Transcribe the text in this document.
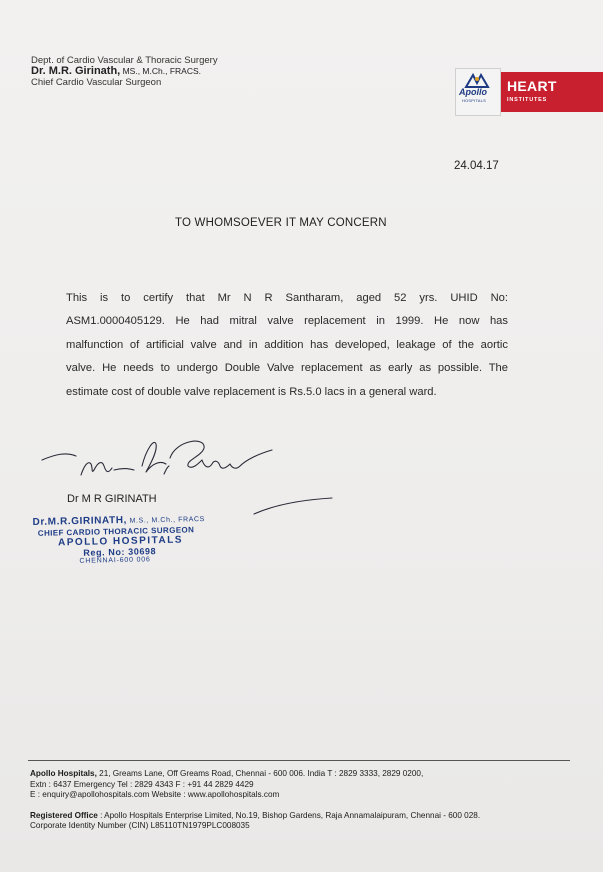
Dept. of Cardio Vascular & Thoracic Surgery
Dr. M.R. Girinath, MS., M.Ch., FRACS.
Chief Cardio Vascular Surgeon
Apollo
HOSPITALS
HEART
INSTITUTES
24.04.17
TO WHOMSOEVER IT MAY CONCERN
This is to certify that Mr N R Santharam, aged 52 yrs. UHID No:
ASM1.0000405129. He had mitral valve replacement in 1999. He now has
malfunction of artificial valve and in addition has developed, leakage of the aortic
valve. He needs to undergo Double Valve replacement as early as possible. The
estimate cost of double valve replacement is Rs.5.0 lacs in a general ward.
Dr M R GIRINATH
Dr.M.R.GIRINATH, M.S., M.Ch., FRACS
CHIEF CARDIO THORACIC SURGEON
APOLLO HOSPITALS
Reg. No: 30698
CHENNAI-600 006
Apollo Hospitals, 21, Greams Lane, Off Greams Road, Chennai - 600 006. India T : 2829 3333, 2829 0200,
Extn : 6437 Emergency Tel : 2829 4343 F : +91 44 2829 4429
E : enquiry@apollohospitals.com Website : www.apollohospitals.com
Registered Office : Apollo Hospitals Enterprise Limited, No.19, Bishop Gardens, Raja Annamalaipuram, Chennai - 600 028.
Corporate Identity Number (CIN) L85110TN1979PLC008035
